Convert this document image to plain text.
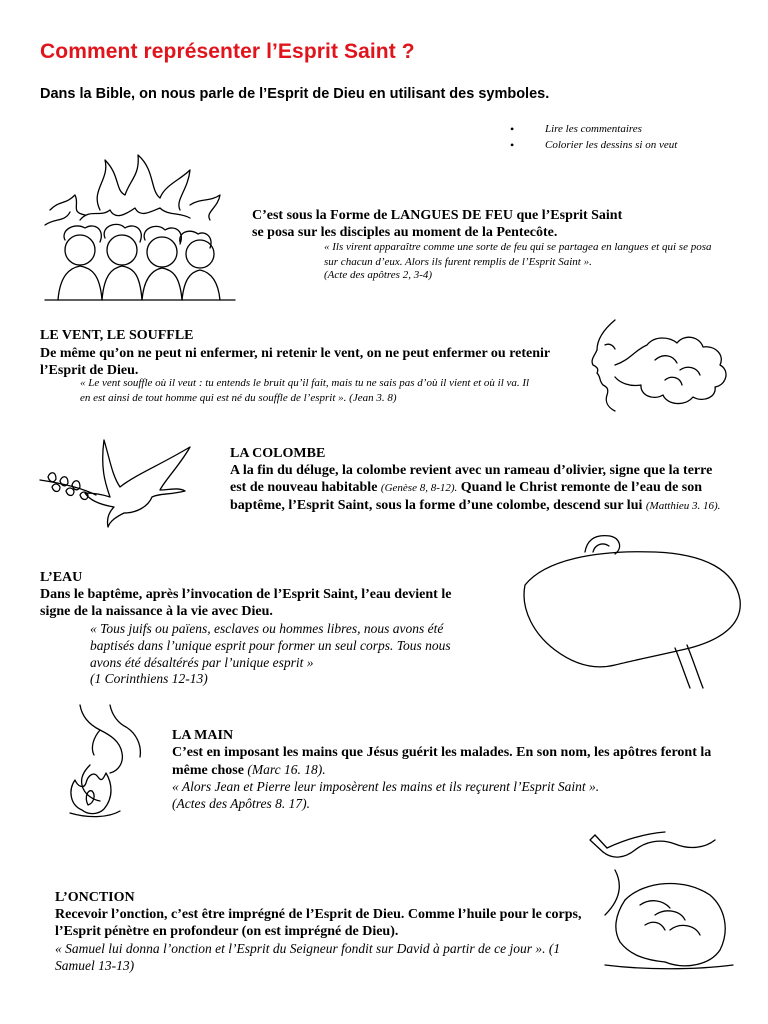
Comment représenter l’Esprit Saint ?
Dans la Bible, on nous parle de l’Esprit de Dieu en utilisant des symboles.
• Lire les commentaires
• Colorier les dessins si on veut
C’est sous la Forme de LANGUES DE FEU que l’Esprit Saint
se posa sur les disciples au moment de la Pentecôte.
« Ils virent apparaître comme une sorte de feu qui se partagea en langues et qui se posa sur chacun d’eux. Alors ils furent remplis de l’Esprit Saint ».
(Acte des apôtres 2, 3-4)
LE VENT, LE SOUFFLE
De même qu’on ne peut ni enfermer, ni retenir le vent, on ne peut enfermer ou retenir l’Esprit de Dieu.
« Le vent souffle où il veut : tu entends le bruit qu’il fait, mais tu ne sais pas d’où il vient et où il va. Il en est ainsi de tout homme qui est né du souffle de l’esprit ». (Jean 3. 8)
LA COLOMBE
A la fin du déluge, la colombe revient avec un rameau d’olivier, signe que la terre est de nouveau habitable (Genèse 8, 8-12). Quand le Christ remonte de l’eau de son baptême, l’Esprit Saint, sous la forme d’une colombe, descend sur lui (Matthieu 3. 16).
L’EAU
Dans le baptême, après l’invocation de l’Esprit Saint, l’eau devient le signe de la naissance à la vie avec Dieu.
« Tous juifs ou païens, esclaves ou hommes libres, nous avons été baptisés dans l’unique esprit pour former un seul corps. Tous nous avons été désaltérés par l’unique esprit »
(1 Corinthiens 12-13)
LA MAIN
C’est en imposant les mains que Jésus guérit les malades. En son nom, les apôtres feront la même chose (Marc 16. 18).
« Alors Jean et Pierre leur imposèrent les mains et ils reçurent l’Esprit Saint ».
(Actes des Apôtres 8. 17).
L’ONCTION
Recevoir l’onction, c’est être imprégné de l’Esprit de Dieu. Comme l’huile pour le corps, l’Esprit pénètre en profondeur (on est imprégné de Dieu).
« Samuel lui donna l’onction et l’Esprit du Seigneur fondit sur David à partir de ce jour ». (1 Samuel 13-13)
